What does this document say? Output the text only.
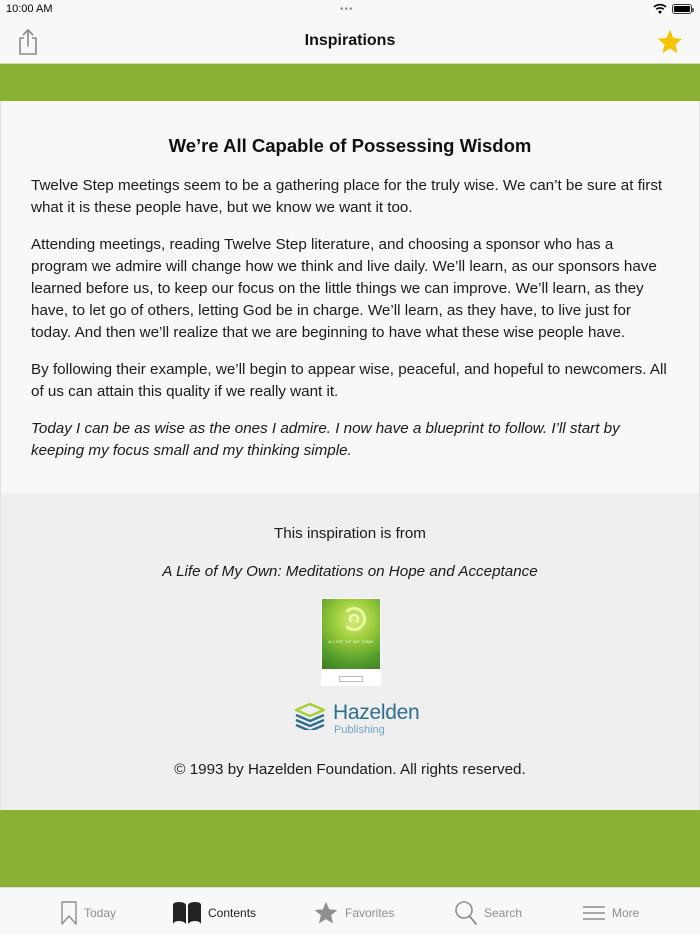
10:00 AM	•••
Inspirations
We’re All Capable of Possessing Wisdom

Twelve Step meetings seem to be a gathering place for the truly wise. We can’t be sure at first what it is these people have, but we know we want it too.

Attending meetings, reading Twelve Step literature, and choosing a sponsor who has a program we admire will change how we think and live daily. We’ll learn, as our sponsors have learned before us, to keep our focus on the little things we can improve. We’ll learn, as they have, to let go of others, letting God be in charge. We’ll learn, as they have, to live just for today. And then we’ll realize that we are beginning to have what these wise people have.

By following their example, we’ll begin to appear wise, peaceful, and hopeful to newcomers. All of us can attain this quality if we really want it.

Today I can be as wise as the ones I admire. I now have a blueprint to follow. I’ll start by keeping my focus small and my thinking simple.

This inspiration is from
A Life of My Own: Meditations on Hope and Acceptance
A LIFE OF MY OWN
Hazelden
Publishing
© 1993 by Hazelden Foundation. All rights reserved.
Today	Contents	Favorites	Search	More
